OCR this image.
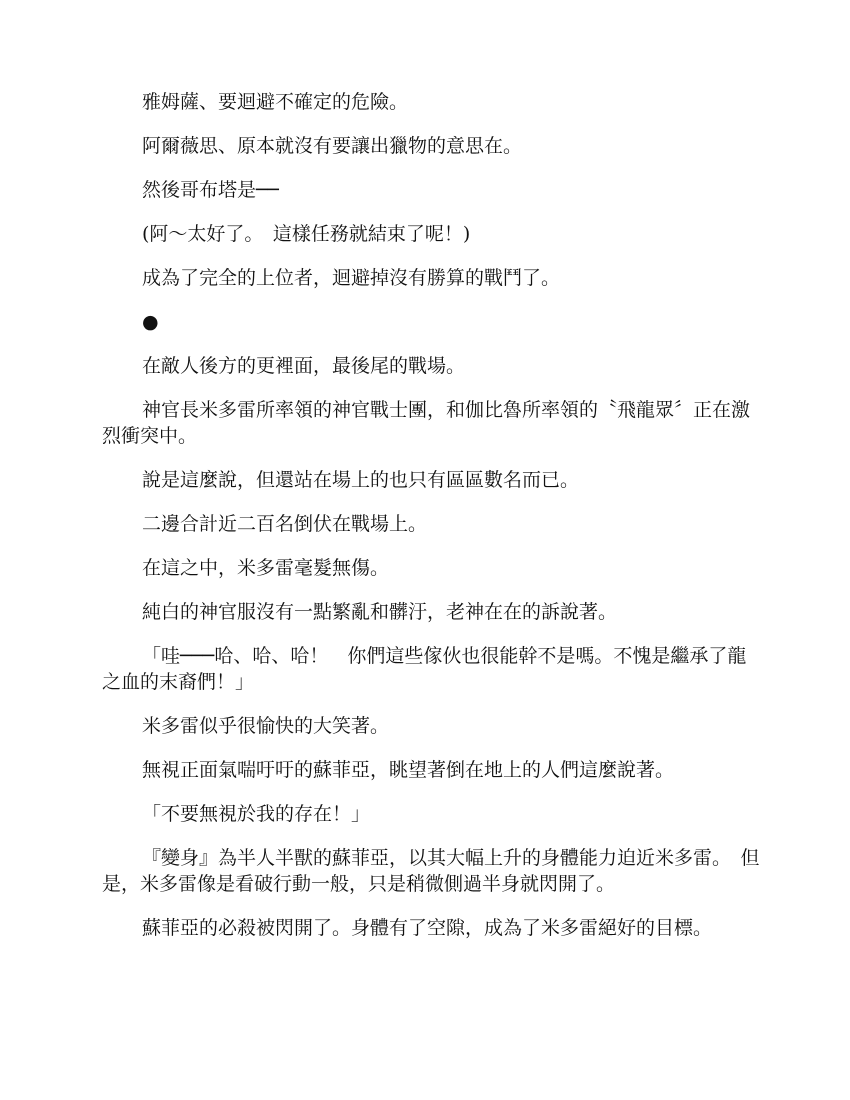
雅姆薩、要迴避不確定的危險。

阿爾薇思、原本就沒有要讓出獵物的意思在。

然後哥布塔是──

(阿～太好了。　這樣任務就結束了呢！)

成為了完全的上位者，迴避掉沒有勝算的戰鬥了。

●

在敵人後方的更裡面，最後尾的戰場。

神官長米多雷所率領的神官戰士團，和伽比魯所率領的〝飛龍眾〞正在激烈衝突中。

說是這麼說，但還站在場上的也只有區區數名而已。

二邊合計近二百名倒伏在戰場上。

在這之中，米多雷毫髮無傷。

純白的神官服沒有一點繁亂和髒汙，老神在在的訴說著。

「哇───哈、哈、哈！　你們這些傢伙也很能幹不是嗎。不愧是繼承了龍之血的末裔們！」

米多雷似乎很愉快的大笑著。

無視正面氣喘吁吁的蘇菲亞，眺望著倒在地上的人們這麼說著。

「不要無視於我的存在！」

『變身』為半人半獸的蘇菲亞，以其大幅上升的身體能力迫近米多雷。　但是，米多雷像是看破行動一般，只是稍微側過半身就閃開了。

蘇菲亞的必殺被閃開了。身體有了空隙，成為了米多雷絕好的目標。
